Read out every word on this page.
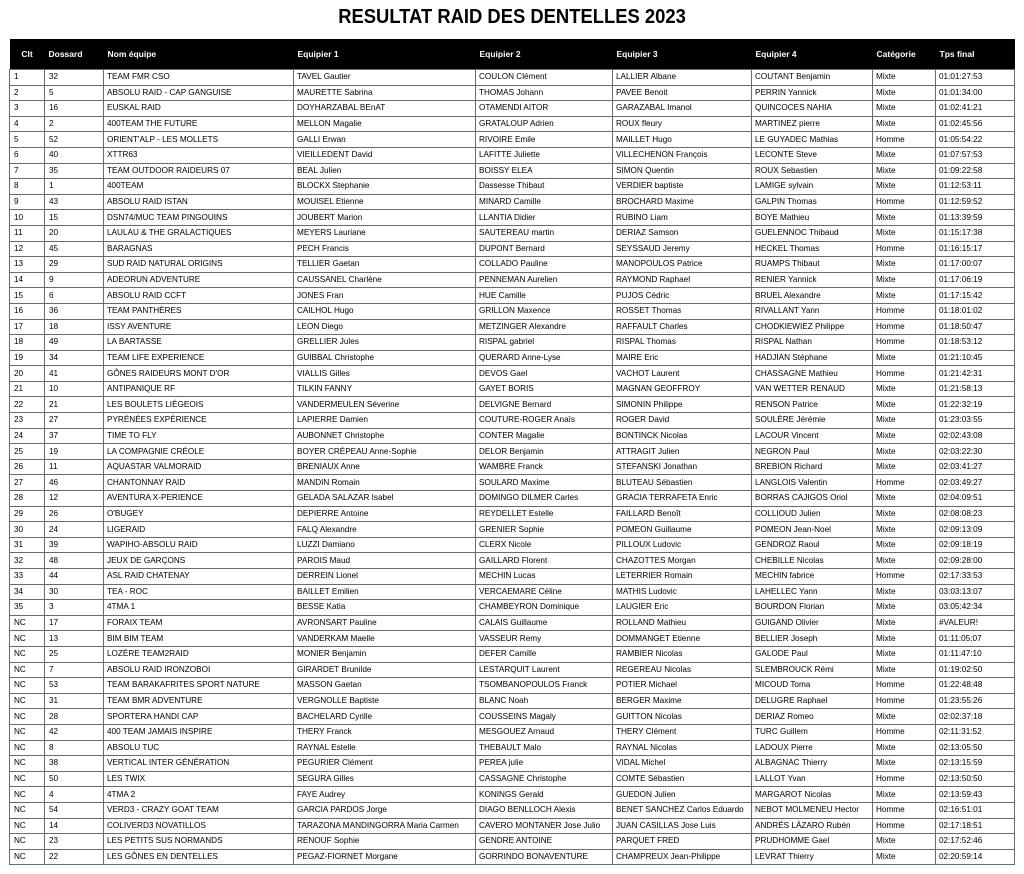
RESULTAT RAID DES DENTELLES 2023
Clt	Dossard	Nom équipe	Equipier 1	Equipier 2	Equipier 3	Equipier 4	Catégorie	Tps final
1	32	TEAM FMR CSO	TAVEL Gautier	COULON Clément	LALLIER Albane	COUTANT Benjamin	Mixte	01:01:27:53
2	5	ABSOLU RAID - CAP GANGUISE	MAURETTE Sabrina	THOMAS Johann	PAVEE Benoit	PERRIN Yannick	Mixte	01:01:34:00
3	16	EUSKAL RAID	DOYHARZABAL BEnAT	OTAMENDI AITOR	GARAZABAL Imanol	QUINCOCES NAHIA	Mixte	01:02:41:21
4	2	400TEAM THE FUTURE	MELLON Magalie	GRATALOUP Adrien	ROUX fleury	MARTINEZ pierre	Mixte	01:02:45:56
5	52	ORIENT'ALP - LES MOLLETS	GALLI Erwan	RIVOIRE Emile	MAILLET Hugo	LE GUYADEC Mathias	Homme	01:05:54:22
6	40	XTTR63	VIEILLEDENT David	LAFITTE Juliette	VILLECHENON François	LECONTE Steve	Mixte	01:07:57:53
7	35	TEAM OUTDOOR RAIDEURS 07	BEAL Julien	BOISSY ELEA	SIMON Quentin	ROUX Sebastien	Mixte	01:09:22:58
8	1	400TEAM	BLOCKX Stephanie	Dassesse Thibaut	VERDIER baptiste	LAMIGE sylvain	Mixte	01:12:53:11
9	43	ABSOLU RAID ISTAN	MOUISEL Etienne	MINARD Camille	BROCHARD Maxime	GALPIN Thomas	Homme	01:12:59:52
10	15	DSN74/MUC TEAM PINGOUINS	JOUBERT Marion	LLANTIA Didier	RUBINO Liam	BOYE Mathieu	Mixte	01:13:39:59
11	20	LAULAU & THE GRALACTIQUES	MEYERS Lauriane	SAUTEREAU martin	DERIAZ Samson	GUELENNOC Thibaud	Mixte	01:15:17:38
12	45	BARAGNAS	PECH Francis	DUPONT Bernard	SEYSSAUD Jeremy	HECKEL Thomas	Homme	01:16:15:17
13	29	SUD RAID NATURAL ORIGINS	TELLIER Gaetan	COLLADO Pauline	MANOPOULOS Patrice	RUAMPS Thibaut	Mixte	01:17:00:07
14	9	ADEORUN ADVENTURE	CAUSSANEL Charlène	PENNEMAN Aurelien	RAYMOND Raphael	RENIER Yannick	Mixte	01:17:06:19
15	6	ABSOLU RAID CCFT	JONES Fran	HUE Camille	PUJOS Cédric	BRUEL Alexandre	Mixte	01:17:15:42
16	36	TEAM PANTHÈRES	CAILHOL Hugo	GRILLON Maxence	ROSSET Thomas	RIVALLANT Yann	Homme	01:18:01:02
17	18	ISSY AVENTURE	LEON Diego	METZINGER Alexandre	RAFFAULT Charles	CHODKIEWIEZ Philippe	Homme	01:18:50:47
18	49	LA BARTASSE	GRELLIER Jules	RISPAL gabriel	RISPAL Thomas	RISPAL Nathan	Homme	01:18:53:12
19	34	TEAM LIFE EXPERIENCE	GUIBBAL Christophe	QUERARD Anne-Lyse	MAIRE Eric	HADJIAN Stéphane	Mixte	01:21:10:45
20	41	GÔNES RAIDEURS MONT D'OR	VIALLIS Gilles	DEVOS Gael	VACHOT Laurent	CHASSAGNE Mathieu	Homme	01:21:42:31
21	10	ANTIPANIQUE RF	TILKIN FANNY	GAYET BORIS	MAGNAN GEOFFROY	VAN WETTER RENAUD	Mixte	01:21:58:13
22	21	LES BOULETS LIÉGEOIS	VANDERMEULEN Séverine	DELVIGNE Bernard	SIMONIN Philippe	RENSON Patrice	Mixte	01:22:32:19
23	27	PYRÉNÉES EXPÉRIENCE	LAPIERRE Damien	COUTURE-ROGER Anaïs	ROGER David	SOULÈRE Jérémie	Mixte	01:23:03:55
24	37	TIME TO FLY	AUBONNET Christophe	CONTER Magalie	BONTINCK Nicolas	LACOUR Vincent	Mixte	02:02:43:08
25	19	LA COMPAGNIE CRÉOLE	BOYER CRÉPEAU Anne-Sophie	DELOR Benjamin	ATTRAGIT Julien	NEGRON Paul	Mixte	02:03:22:30
26	11	AQUASTAR VALMORAID	BRENIAUX Anne	WAMBRE Franck	STEFANSKI Jonathan	BREBION Richard	Mixte	02:03:41:27
27	46	CHANTONNAY RAID	MANDIN Romain	SOULARD Maxime	BLUTEAU Sébastien	LANGLOIS Valentin	Homme	02:03:49:27
28	12	AVENTURA X-PERIENCE	GELADA SALAZAR Isabel	DOMINGO DILMER Carles	GRACIA TERRAFETA Enric	BORRAS CAJIGOS Oriol	Mixte	02:04:09:51
29	26	O'BUGEY	DEPIERRE Antoine	REYDELLET Estelle	FAILLARD Benoît	COLLIOUD Julien	Mixte	02:08:08:23
30	24	LIGERAID	FALQ Alexandre	GRENIER Sophie	POMEON Guillaume	POMEON Jean-Noel	Mixte	02:09:13:09
31	39	WAPIHO-ABSOLU RAID	LUZZI Damiano	CLERX Nicole	PILLOUX Ludovic	GENDROZ Raoul	Mixte	02:09:18:19
32	48	JEUX DE GARÇONS	PAROIS Maud	GAILLARD Florent	CHAZOTTES Morgan	CHEBILLE Nicolas	Mixte	02:09:28:00
33	44	ASL RAID CHATENAY	DERREIN Lionel	MECHIN Lucas	LETERRIER Romain	MECHIN fabrice	Homme	02:17:33:53
34	30	TEA - ROC	BAILLET Emilien	VERCAEMARE Céline	MATHIS Ludovic	LAHELLEC Yann	Mixte	03:03:13:07
35	3	4TMA 1	BESSE Katia	CHAMBEYRON Dominique	LAUGIER Eric	BOURDON Florian	Mixte	03:05:42:34
NC	17	FORAIX TEAM	AVRONSART Pauline	CALAIS Guillaume	ROLLAND Mathieu	GUIGAND Olivier	Mixte	#VALEUR!
NC	13	BIM BIM TEAM	VANDERKAM Maelle	VASSEUR Remy	DOMMANGET Etienne	BELLIER Joseph	Mixte	01:11:05:07
NC	25	LOZÈRE TEAM2RAID	MONIER Benjamin	DEFER Camille	RAMBIER Nicolas	GALODE Paul	Mixte	01:11:47:10
NC	7	ABSOLU RAID IRONZOBOI	GIRARDET Brunilde	LESTARQUIT Laurent	REGEREAU Nicolas	SLEMBROUCK Rémi	Mixte	01:19:02:50
NC	53	TEAM BARAKAFRITES SPORT NATURE	MASSON Gaetan	TSOMBANOPOULOS Franck	POTIER Michael	MICOUD Toma	Homme	01:22:48:48
NC	31	TEAM BMR ADVENTURE	VERGNOLLE Baptiste	BLANC Noah	BERGER Maxime	DELUGRE Raphael	Homme	01:23:55:26
NC	28	SPORTERA HANDI CAP	BACHELARD Cyrille	COUSSEINS Magaly	GUITTON Nicolas	DERIAZ Romeo	Mixte	02:02:37:18
NC	42	400 TEAM JAMAIS INSPIRE	THERY Franck	MESGOUEZ Arnaud	THERY Clément	TURC Guillem	Homme	02:11:31:52
NC	8	ABSOLU TUC	RAYNAL Estelle	THEBAULT Malo	RAYNAL Nicolas	LADOUX Pierre	Mixte	02:13:05:50
NC	38	VERTICAL INTER GÉNÉRATION	PEGURIER Clément	PEREA julie	VIDAL Michel	ALBAGNAC Thierry	Mixte	02:13:15:59
NC	50	LES TWIX	SEGURA Gilles	CASSAGNE Christophe	COMTE Sébastien	LALLOT Yvan	Homme	02:13:50:50
NC	4	4TMA 2	FAYE Audrey	KONINGS Gerald	GUEDON Julien	MARGAROT Nicolas	Mixte	02:13:59:43
NC	54	VERD3 - CRAZY GOAT TEAM	GARCIA PARDOS Jorge	DIAGO BENLLOCH Alexis	BENET SANCHEZ Carlos Eduardo	NEBOT MOLMENEU Hector	Homme	02:16:51:01
NC	14	COLIVERD3 NOVATILLOS	TARAZONA MANDINGORRA Maria Carmen	CAVERO MONTANER Jose Julio	JUAN CASILLAS Jose Luis	ANDRÉS LÁZARO Rubén	Homme	02:17:18:51
NC	23	LES PETITS SUS NORMANDS	RENOUF Sophie	GENDRE ANTOINE	PARQUET FRED	PRUDHOMME Gael	Mixte	02:17:52:46
NC	22	LES GÔNES EN DENTELLES	PEGAZ-FIORNET Morgane	GORRINDO BONAVENTURE	CHAMPREUX Jean-Philippe	LEVRAT Thierry	Mixte	02:20:59:14
